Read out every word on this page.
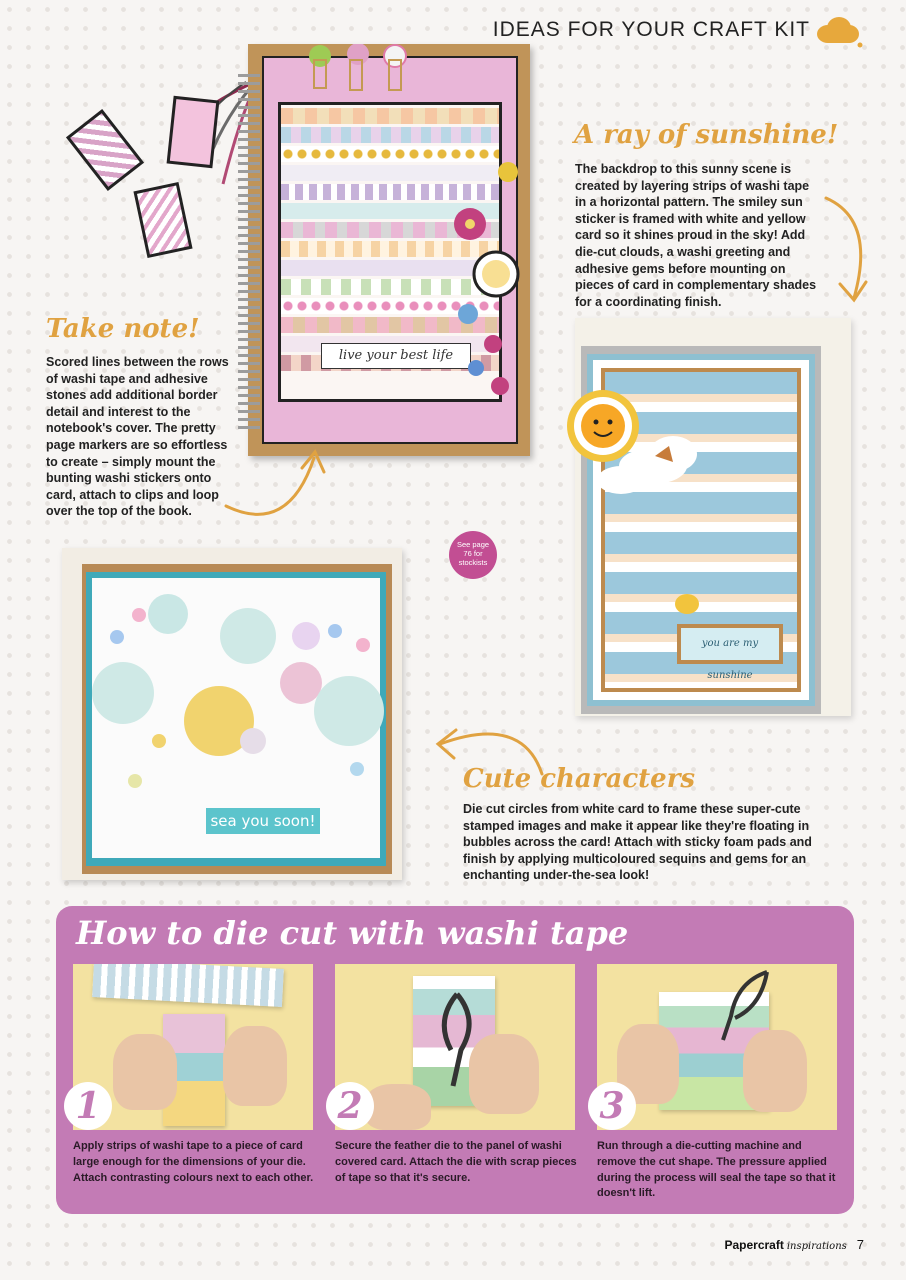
IDEAS FOR YOUR CRAFT KIT
live your best life
Take note!
Scored lines between the rows of washi tape and adhesive stones add additional border detail and interest to the notebook's cover. The pretty page markers are so effortless to create – simply mount the bunting washi stickers onto card, attach to clips and loop over the top of the book.
A ray of sunshine!
The backdrop to this sunny scene is created by layering strips of washi tape in a horizontal pattern. The smiley sun sticker is framed with white and yellow card so it shines proud in the sky! Add die-cut clouds, a washi greeting and adhesive gems before mounting on pieces of card in complementary shades for a coordinating finish.
you are my sunshine
See page
76 for
stockists
sea you soon!
Cute characters
Die cut circles from white card to frame these super-cute stamped images and make it appear like they're floating in bubbles across the card! Attach with sticky foam pads and finish by applying multicoloured sequins and gems for an enchanting under-the-sea look!
How to die cut with washi tape
1	2	3
Apply strips of washi tape to a piece of card large enough for the dimensions of your die. Attach contrasting colours next to each other.
Secure the feather die to the panel of washi covered card. Attach the die with scrap pieces of tape so that it's secure.
Run through a die-cutting machine and remove the cut shape. The pressure applied during the process will seal the tape so that it doesn't lift.
Papercraft inspirations 7
